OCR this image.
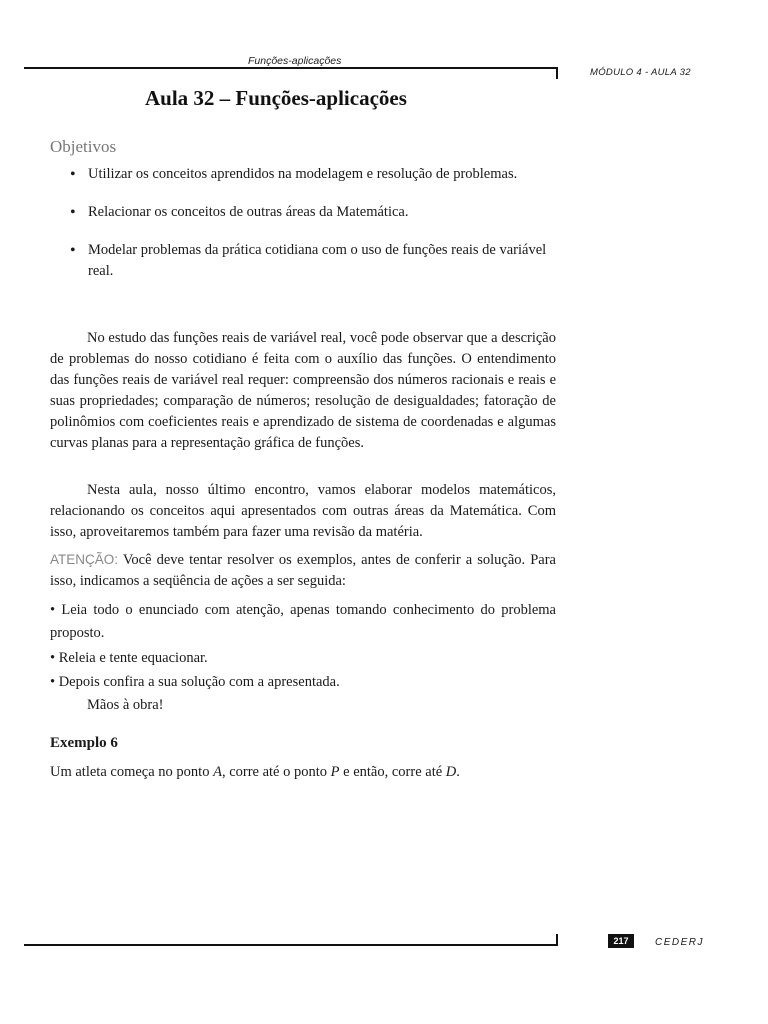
Funções-aplicações
MÓDULO 4 - AULA 32
Aula 32 – Funções-aplicações
Objetivos
• Utilizar os conceitos aprendidos na modelagem e resolução de problemas.
• Relacionar os conceitos de outras áreas da Matemática.
• Modelar problemas da prática cotidiana com o uso de funções reais de variável real.
No estudo das funções reais de variável real, você pode observar que a descrição de problemas do nosso cotidiano é feita com o auxílio das funções. O entendimento das funções reais de variável real requer: compreensão dos números racionais e reais e suas propriedades; comparação de números; resolução de desigualdades; fatoração de polinômios com coeficientes reais e aprendizado de sistema de coordenadas e algumas curvas planas para a representação gráfica de funções.
Nesta aula, nosso último encontro, vamos elaborar modelos matemáticos, relacionando os conceitos aqui apresentados com outras áreas da Matemática. Com isso, aproveitaremos também para fazer uma revisão da matéria.
ATENÇÃO: Você deve tentar resolver os exemplos, antes de conferir a solução. Para isso, indicamos a seqüência de ações a ser seguida:
• Leia todo o enunciado com atenção, apenas tomando conhecimento do problema proposto.
• Releia e tente equacionar.
• Depois confira a sua solução com a apresentada.
Mãos à obra!
Exemplo 6
Um atleta começa no ponto A, corre até o ponto P e então, corre até D.
217	CEDERJ
